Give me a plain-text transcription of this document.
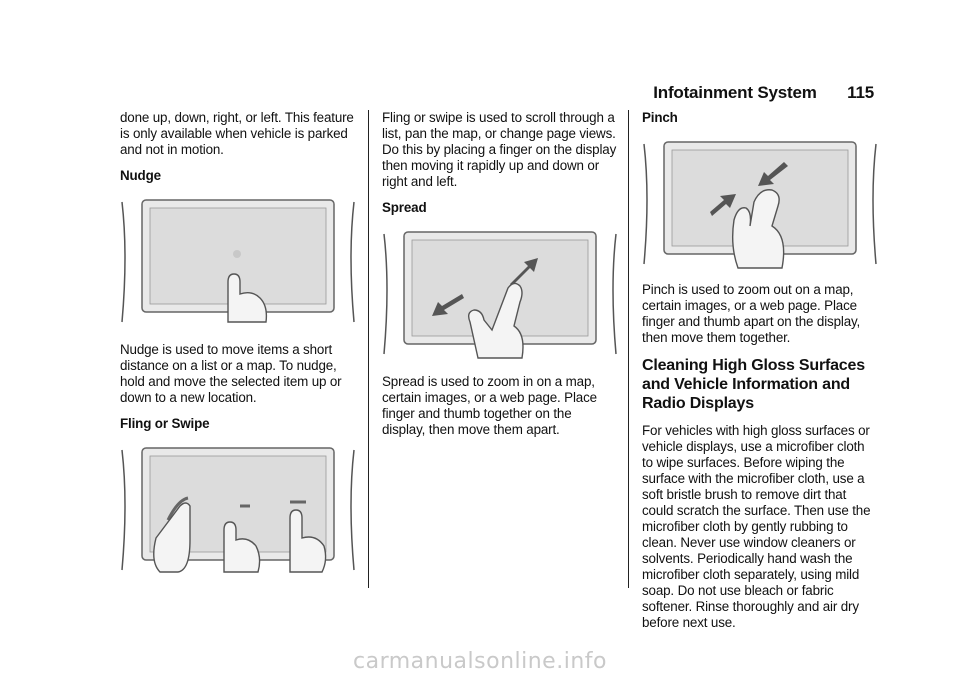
Infotainment System 115

done up, down, right, or left. This feature is only available when vehicle is parked and not in motion.

Nudge

Nudge is used to move items a short distance on a list or a map. To nudge, hold and move the selected item up or down to a new location.

Fling or Swipe

Fling or swipe is used to scroll through a list, pan the map, or change page views. Do this by placing a finger on the display then moving it rapidly up and down or right and left.

Spread

Spread is used to zoom in on a map, certain images, or a web page. Place finger and thumb together on the display, then move them apart.

Pinch

Pinch is used to zoom out on a map, certain images, or a web page. Place finger and thumb apart on the display, then move them together.

Cleaning High Gloss Surfaces and Vehicle Information and Radio Displays

For vehicles with high gloss surfaces or vehicle displays, use a microfiber cloth to wipe surfaces. Before wiping the surface with the microfiber cloth, use a soft bristle brush to remove dirt that could scratch the surface. Then use the microfiber cloth by gently rubbing to clean. Never use window cleaners or solvents. Periodically hand wash the microfiber cloth separately, using mild soap. Do not use bleach or fabric softener. Rinse thoroughly and air dry before next use.

carmanualsonline.info
